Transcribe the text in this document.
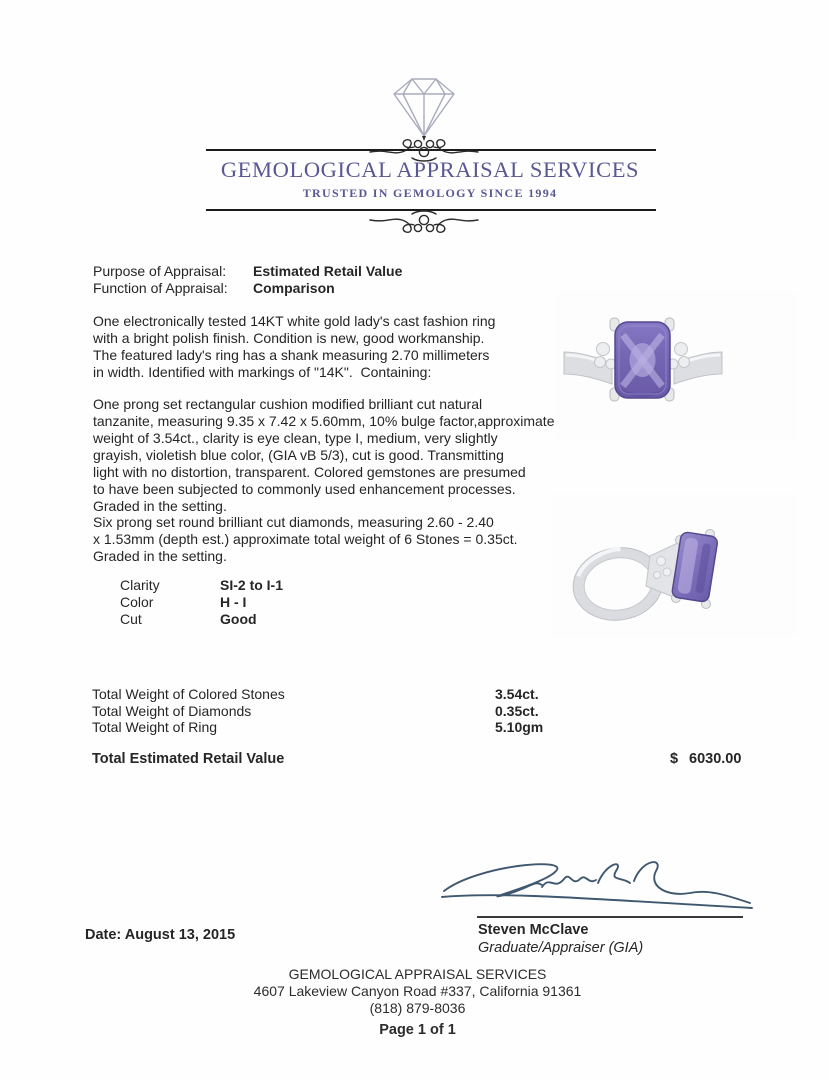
GEMOLOGICAL APPRAISAL SERVICES
TRUSTED IN GEMOLOGY SINCE 1994
Purpose of Appraisal:	Estimated Retail Value
Function of Appraisal:	Comparison
One electronically tested 14KT white gold lady's cast fashion ring
with a bright polish finish. Condition is new, good workmanship.
The featured lady's ring has a shank measuring 2.70 millimeters
in width. Identified with markings of "14K".  Containing:
One prong set rectangular cushion modified brilliant cut natural
tanzanite, measuring 9.35 x 7.42 x 5.60mm, 10% bulge factor,approximate
weight of 3.54ct., clarity is eye clean, type I, medium, very slightly
grayish, violetish blue color, (GIA vB 5/3), cut is good. Transmitting
light with no distortion, transparent. Colored gemstones are presumed
to have been subjected to commonly used enhancement processes.
Graded in the setting.
Six prong set round brilliant cut diamonds, measuring 2.60 - 2.40
x 1.53mm (depth est.) approximate total weight of 6 Stones = 0.35ct.
Graded in the setting.
Clarity	SI-2 to I-1
Color	H - I
Cut	Good
Total Weight of Colored Stones	3.54ct.
Total Weight of Diamonds	0.35ct.
Total Weight of Ring	5.10gm
Total Estimated Retail Value	$ 6030.00
Steven McClave
Graduate/Appraiser (GIA)
Date: August 13, 2015
GEMOLOGICAL APPRAISAL SERVICES
4607 Lakeview Canyon Road #337, California 91361
(818) 879-8036
Page 1 of 1
